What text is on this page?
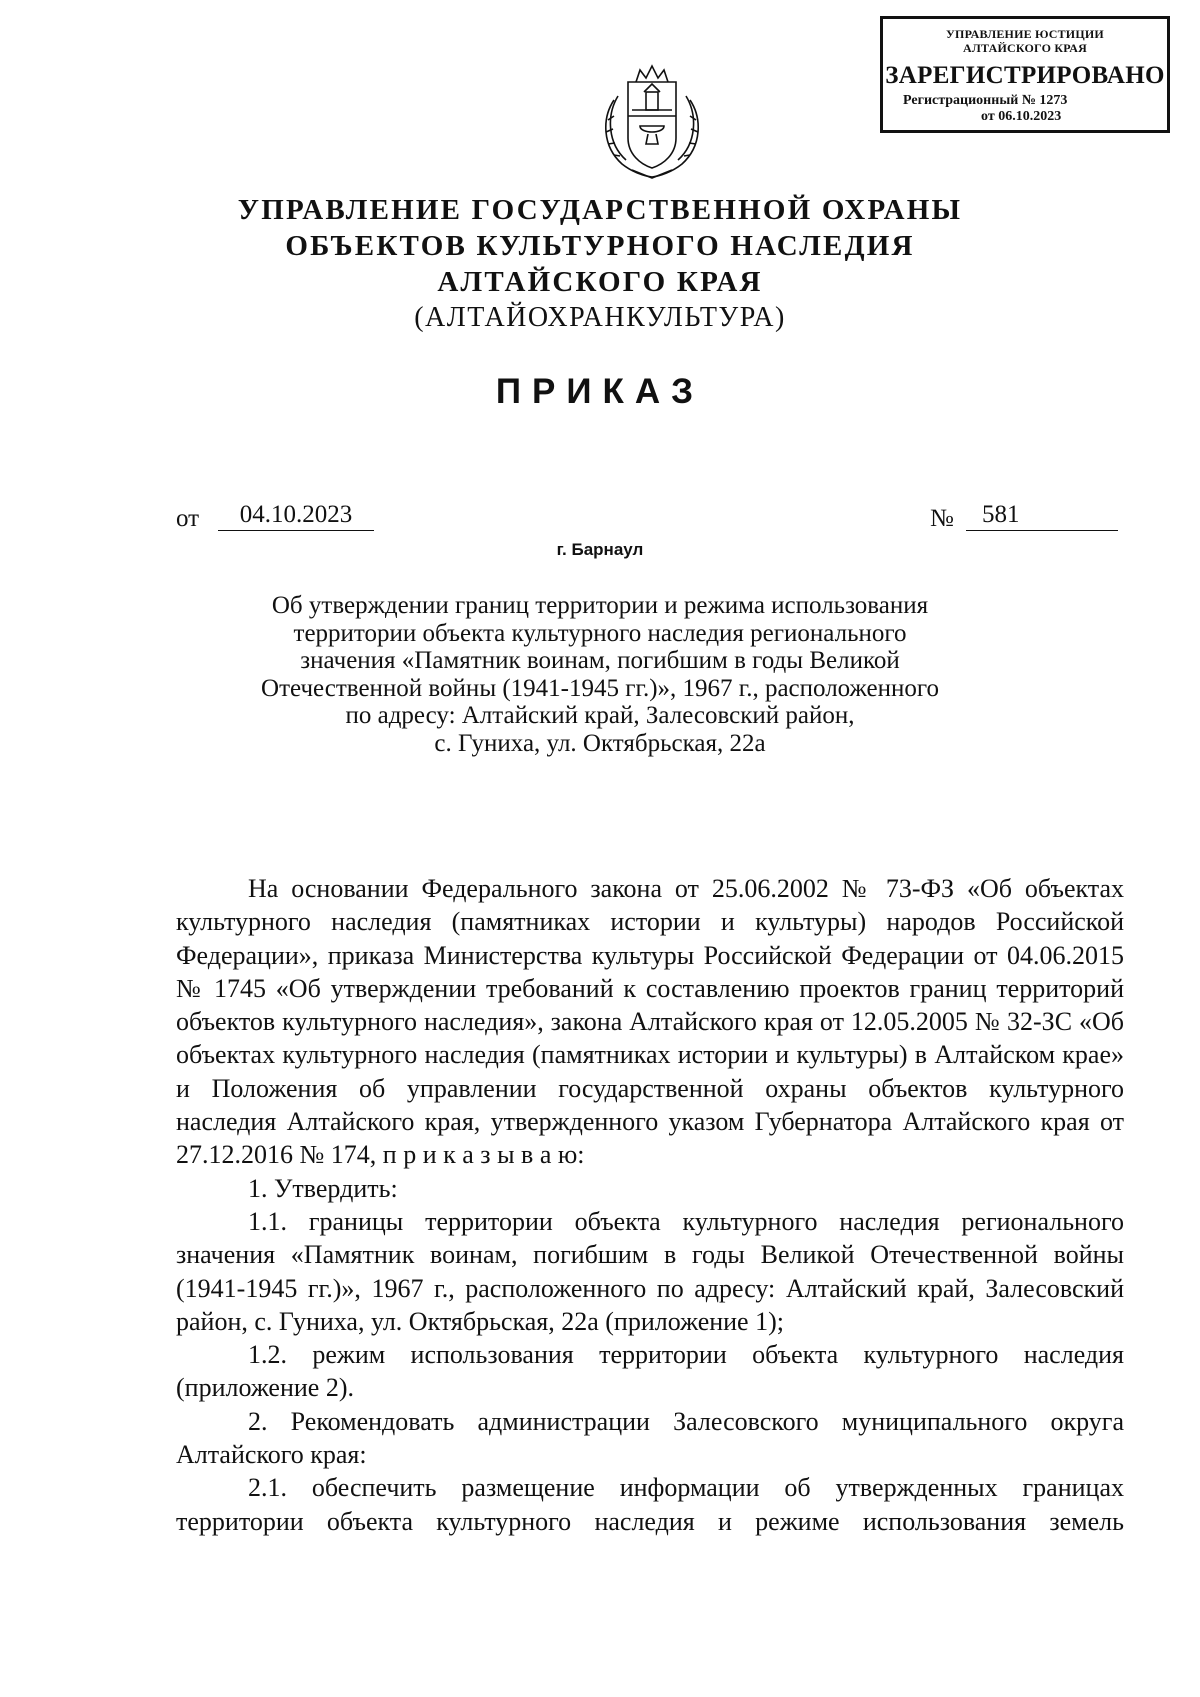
УПРАВЛЕНИЕ ЮСТИЦИИ
АЛТАЙСКОГО КРАЯ
ЗАРЕГИСТРИРОВАНО
Регистрационный № 1273
от 06.10.2023
УПРАВЛЕНИЕ ГОСУДАРСТВЕННОЙ ОХРАНЫ
ОБЪЕКТОВ КУЛЬТУРНОГО НАСЛЕДИЯ
АЛТАЙСКОГО КРАЯ
(АЛТАЙОХРАНКУЛЬТУРА)
ПРИКАЗ
от	04.10.2023	№	581
г. Барнаул
Об утверждении границ территории и режима использования
территории объекта культурного наследия регионального
значения «Памятник воинам, погибшим в годы Великой
Отечественной войны (1941-1945 гг.)», 1967 г., расположенного
по адресу: Алтайский край, Залесовский район,
с. Гуниха, ул. Октябрьская, 22а
На основании Федерального закона от 25.06.2002 № 73-ФЗ «Об объектах культурного наследия (памятниках истории и культуры) народов Российской Федерации», приказа Министерства культуры Российской Федерации от 04.06.2015 № 1745 «Об утверждении требований к составлению проектов границ территорий объектов культурного наследия», закона Алтайского края от 12.05.2005 № 32-ЗС «Об объектах культурного наследия (памятниках истории и культуры) в Алтайском крае» и Положения об управлении государственной охраны объектов культурного наследия Алтайского края, утвержденного указом Губернатора Алтайского края от 27.12.2016 № 174, п р и к а з ы в а ю:
1. Утвердить:
1.1. границы территории объекта культурного наследия регионального значения «Памятник воинам, погибшим в годы Великой Отечественной войны (1941-1945 гг.)», 1967 г., расположенного по адресу: Алтайский край, Залесовский район, с. Гуниха, ул. Октябрьская, 22а (приложение 1);
1.2. режим использования территории объекта культурного наследия (приложение 2).
2. Рекомендовать администрации Залесовского муниципального округа Алтайского края:
2.1. обеспечить размещение информации об утвержденных границах территории объекта культурного наследия и режиме использования земель
